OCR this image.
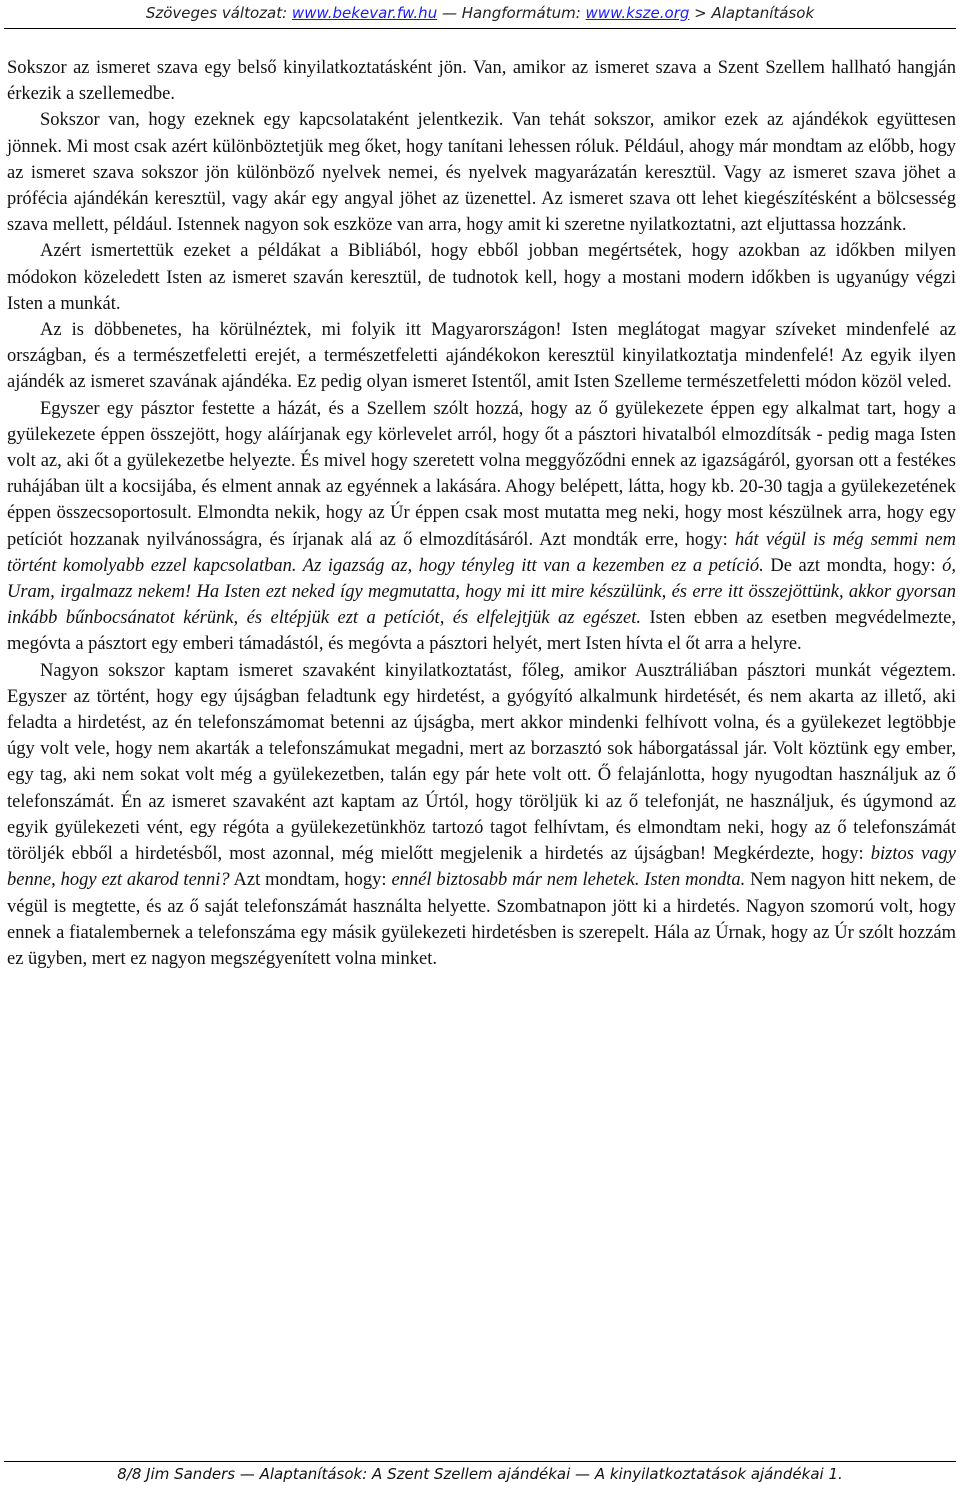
Szöveges változat: www.bekevar.fw.hu — Hangformátum: www.ksze.org > Alaptanítások

Sokszor az ismeret szava egy belső kinyilatkoztatásként jön. Van, amikor az ismeret szava a Szent Szellem hallható hangján érkezik a szellemedbe.

Sokszor van, hogy ezeknek egy kapcsolataként jelentkezik. Van tehát sokszor, amikor ezek az ajándékok együttesen jönnek. Mi most csak azért különböztetjük meg őket, hogy tanítani lehessen róluk. Például, ahogy már mondtam az előbb, hogy az ismeret szava sokszor jön különböző nyelvek nemei, és nyelvek magyarázatán keresztül. Vagy az ismeret szava jöhet a prófécia ajándékán keresztül, vagy akár egy angyal jöhet az üzenettel. Az ismeret szava ott lehet kiegészítésként a bölcsesség szava mellett, például. Istennek nagyon sok eszköze van arra, hogy amit ki szeretne nyilatkoztatni, azt eljuttassa hozzánk.

Azért ismertettük ezeket a példákat a Bibliából, hogy ebből jobban megértsétek, hogy azokban az időkben milyen módokon közeledett Isten az ismeret szaván keresztül, de tudnotok kell, hogy a mostani modern időkben is ugyanúgy végzi Isten a munkát.

Az is döbbenetes, ha körülnéztek, mi folyik itt Magyarországon! Isten meglátogat magyar szíveket mindenfelé az országban, és a természetfeletti erejét, a természetfeletti ajándékokon keresztül kinyilatkoztatja mindenfelé! Az egyik ilyen ajándék az ismeret szavának ajándéka. Ez pedig olyan ismeret Istentől, amit Isten Szelleme természetfeletti módon közöl veled.

Egyszer egy pásztor festette a házát, és a Szellem szólt hozzá, hogy az ő gyülekezete éppen egy alkalmat tart, hogy a gyülekezete éppen összejött, hogy aláírjanak egy körlevelet arról, hogy őt a pásztori hivatalból elmozdítsák - pedig maga Isten volt az, aki őt a gyülekezetbe helyezte. És mivel hogy szeretett volna meggyőződni ennek az igazságáról, gyorsan ott a festékes ruhájában ült a kocsijába, és elment annak az egyénnek a lakására. Ahogy belépett, látta, hogy kb. 20-30 tagja a gyülekezetének éppen összecsoportosult. Elmondta nekik, hogy az Úr éppen csak most mutatta meg neki, hogy most készülnek arra, hogy egy petíciót hozzanak nyilvánosságra, és írjanak alá az ő elmozdításáról. Azt mondták erre, hogy: hát végül is még semmi nem történt komolyabb ezzel kapcsolatban. Az igazság az, hogy tényleg itt van a kezemben ez a petíció. De azt mondta, hogy: ó, Uram, irgalmazz nekem! Ha Isten ezt neked így megmutatta, hogy mi itt mire készülünk, és erre itt összejöttünk, akkor gyorsan inkább bűnbocsánatot kérünk, és eltépjük ezt a petíciót, és elfelejtjük az egészet. Isten ebben az esetben megvédelmezte, megóvta a pásztort egy emberi támadástól, és megóvta a pásztori helyét, mert Isten hívta el őt arra a helyre.

Nagyon sokszor kaptam ismeret szavaként kinyilatkoztatást, főleg, amikor Ausztráliában pásztori munkát végeztem. Egyszer az történt, hogy egy újságban feladtunk egy hirdetést, a gyógyító alkalmunk hirdetését, és nem akarta az illető, aki feladta a hirdetést, az én telefonszámomat betenni az újságba, mert akkor mindenki felhívott volna, és a gyülekezet legtöbbje úgy volt vele, hogy nem akarták a telefonszámukat megadni, mert az borzasztó sok háborgatással jár. Volt köztünk egy ember, egy tag, aki nem sokat volt még a gyülekezetben, talán egy pár hete volt ott. Ő felajánlotta, hogy nyugodtan használjuk az ő telefonszámát. Én az ismeret szavaként azt kaptam az Úrtól, hogy töröljük ki az ő telefonját, ne használjuk, és úgymond az egyik gyülekezeti vént, egy régóta a gyülekezetünkhöz tartozó tagot felhívtam, és elmondtam neki, hogy az ő telefonszámát töröljék ebből a hirdetésből, most azonnal, még mielőtt megjelenik a hirdetés az újságban! Megkérdezte, hogy: biztos vagy benne, hogy ezt akarod tenni? Azt mondtam, hogy: ennél biztosabb már nem lehetek. Isten mondta. Nem nagyon hitt nekem, de végül is megtette, és az ő saját telefonszámát használta helyette. Szombatnapon jött ki a hirdetés. Nagyon szomorú volt, hogy ennek a fiatalembernek a telefonszáma egy másik gyülekezeti hirdetésben is szerepelt. Hála az Úrnak, hogy az Úr szólt hozzám ez ügyben, mert ez nagyon megszégyenített volna minket.

8/8 Jim Sanders — Alaptanítások: A Szent Szellem ajándékai — A kinyilatkoztatások ajándékai 1.
